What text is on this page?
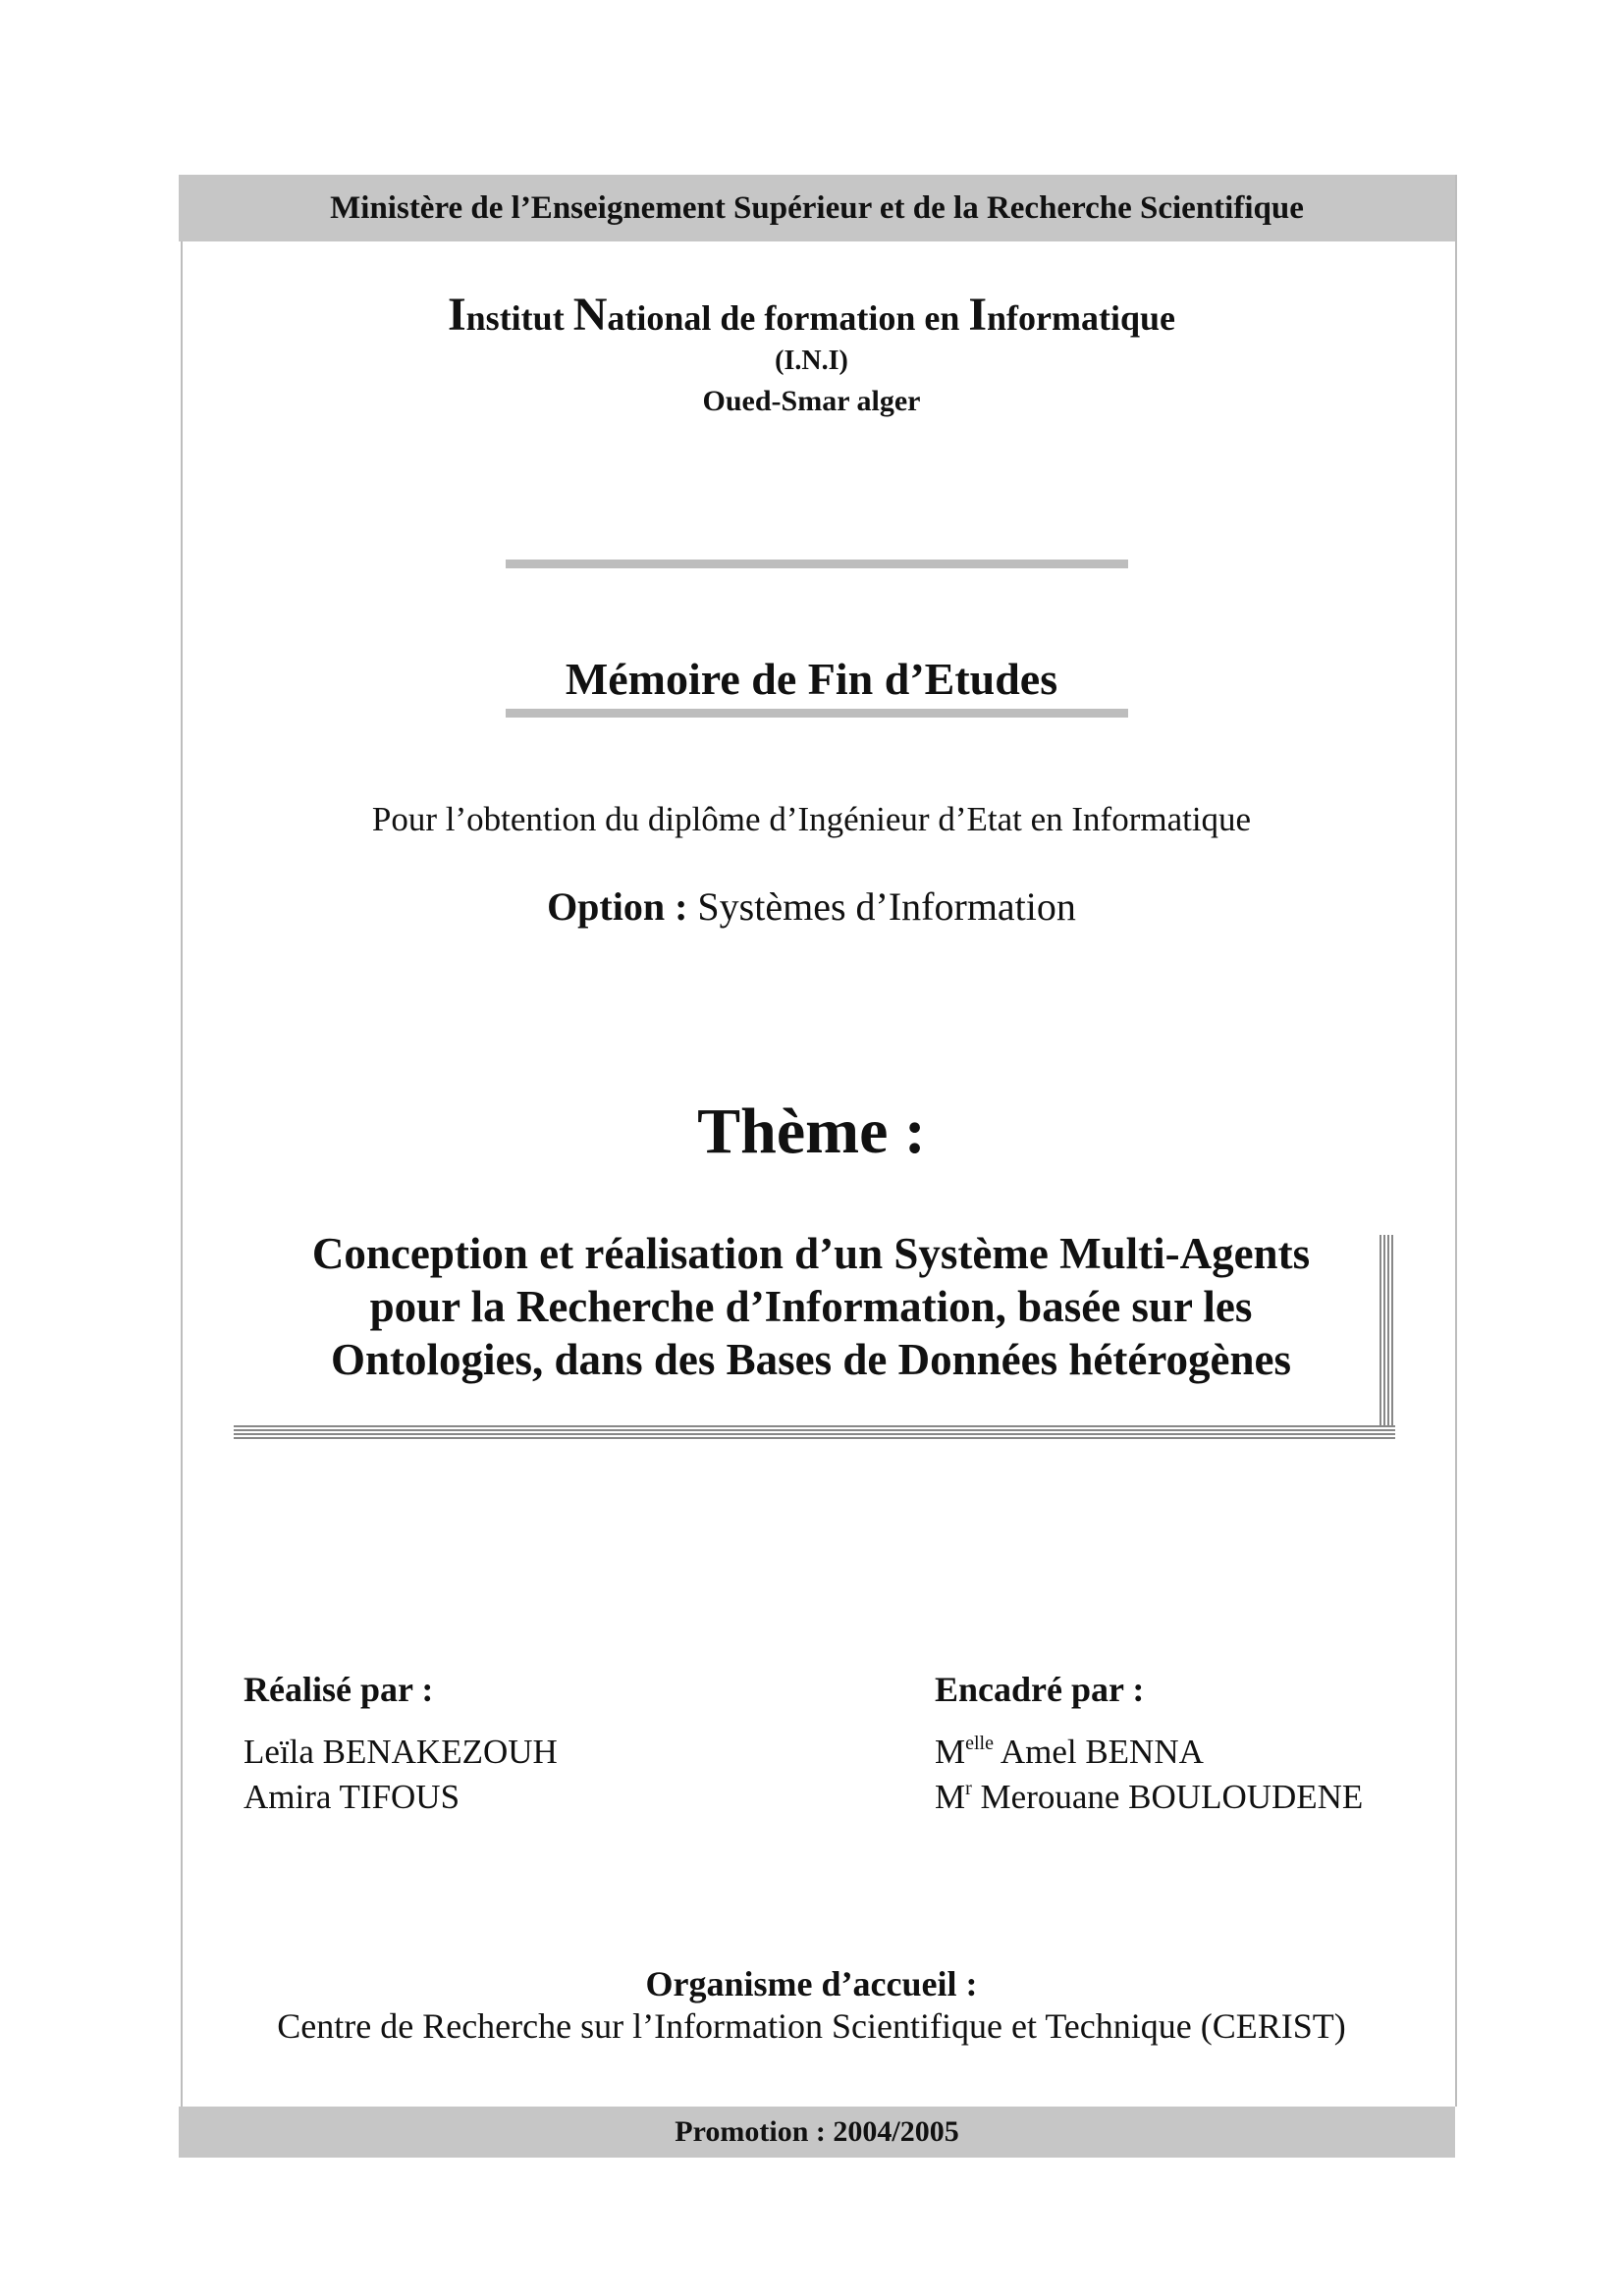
Ministère de l’Enseignement Supérieur et de la Recherche Scientifique
Institut National de formation en Informatique
(I.N.I)
Oued-Smar alger
Mémoire de Fin d’Etudes
Pour l’obtention du diplôme d’Ingénieur d’Etat en Informatique
Option : Systèmes d’Information
Thème :
Conception et réalisation d’un Système Multi-Agents
pour la Recherche d’Information, basée sur les
Ontologies, dans des Bases de Données hétérogènes
Réalisé par :
Leïla BENAKEZOUH
Amira TIFOUS
Encadré par :
$M^{elle}$ Amel BENNA
$M^r$ Merouane BOULOUDENE
Organisme d’accueil :
Centre de Recherche sur l’Information Scientifique et Technique (CERIST)
Promotion : 2004/2005
